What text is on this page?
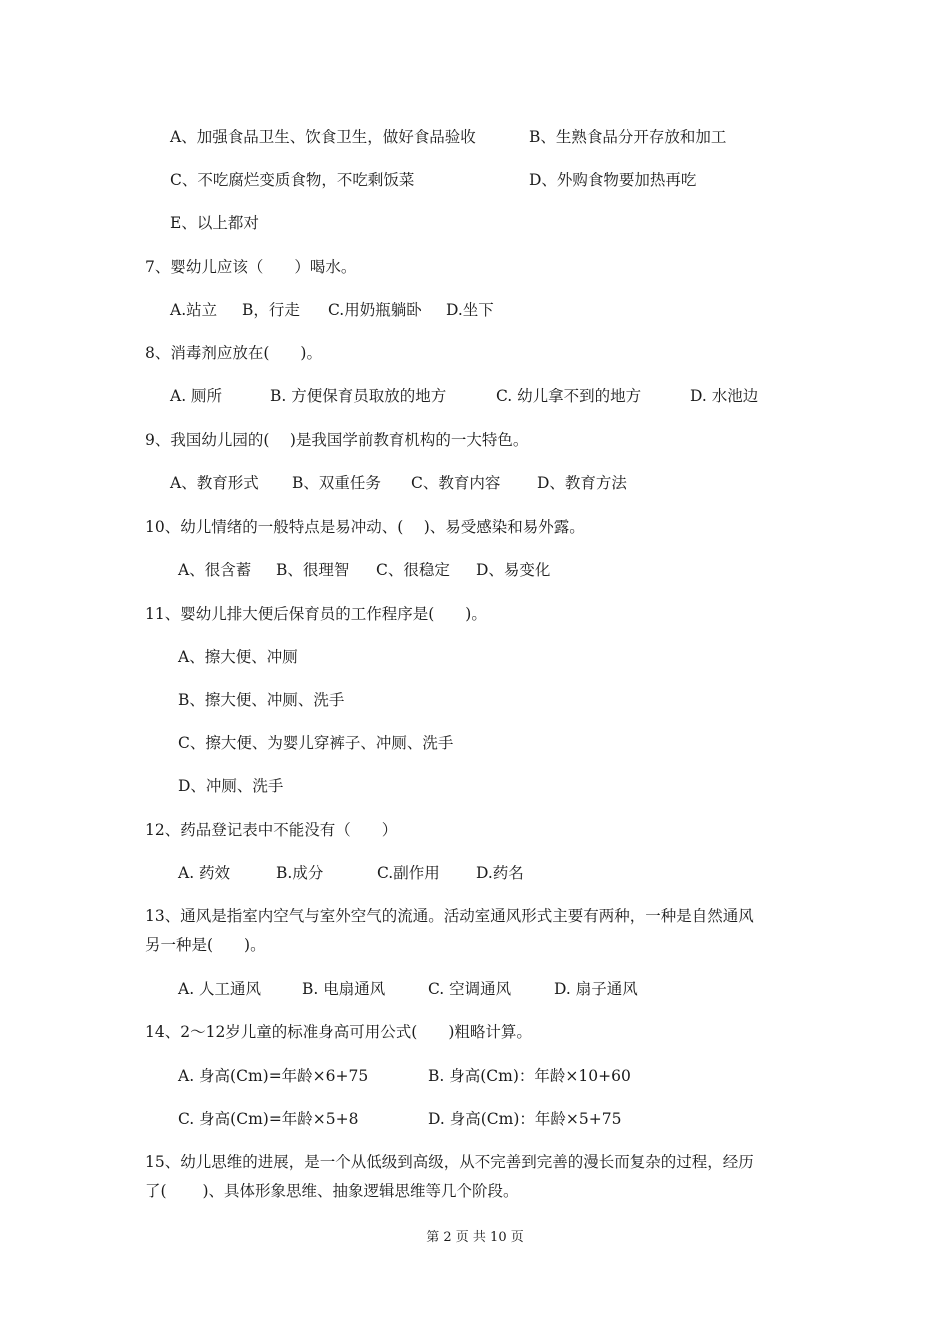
A、加强食品卫生、饮食卫生，做好食品验收	B、生熟食品分开存放和加工
C、不吃腐烂变质食物，不吃剩饭菜	D、外购食物要加热再吃
E、以上都对
7、婴幼儿应该（　　）喝水。
A.站立 B，行走 C.用奶瓶躺卧 D.坐下
8、消毒剂应放在(　　)。
A. 厕所	B. 方便保育员取放的地方	C. 幼儿拿不到的地方	D. 水池边
9、我国幼儿园的(　 )是我国学前教育机构的一大特色。
A、教育形式 B、双重任务 C、教育内容 D、教育方法
10、幼儿情绪的一般特点是易冲动、(　 )、易受感染和易外露。
A、很含蓄 B、很理智 C、很稳定 D、易变化
11、婴幼儿排大便后保育员的工作程序是(　　)。
A、擦大便、冲厕
B、擦大便、冲厕、洗手
C、擦大便、为婴儿穿裤子、冲厕、洗手
D、冲厕、洗手
12、药品登记表中不能没有（　　）
A. 药效	B.成分	C.副作用 D.药名
13、通风是指室内空气与室外空气的流通。活动室通风形式主要有两种，一种是自然通风
另一种是(　　)。
A. 人工通风	B. 电扇通风	C. 空调通风	D. 扇子通风
14、2～12岁儿童的标准身高可用公式(　　)粗略计算。
A. 身高(Cm)=年龄×6+75	B. 身高(Cm)：年龄×10+60
C. 身高(Cm)=年龄×5+8	D. 身高(Cm)：年龄×5+75
15、幼儿思维的进展，是一个从低级到高级，从不完善到完善的漫长而复杂的过程，经历
了(　　 )、具体形象思维、抽象逻辑思维等几个阶段。
第 2 页 共 10 页
